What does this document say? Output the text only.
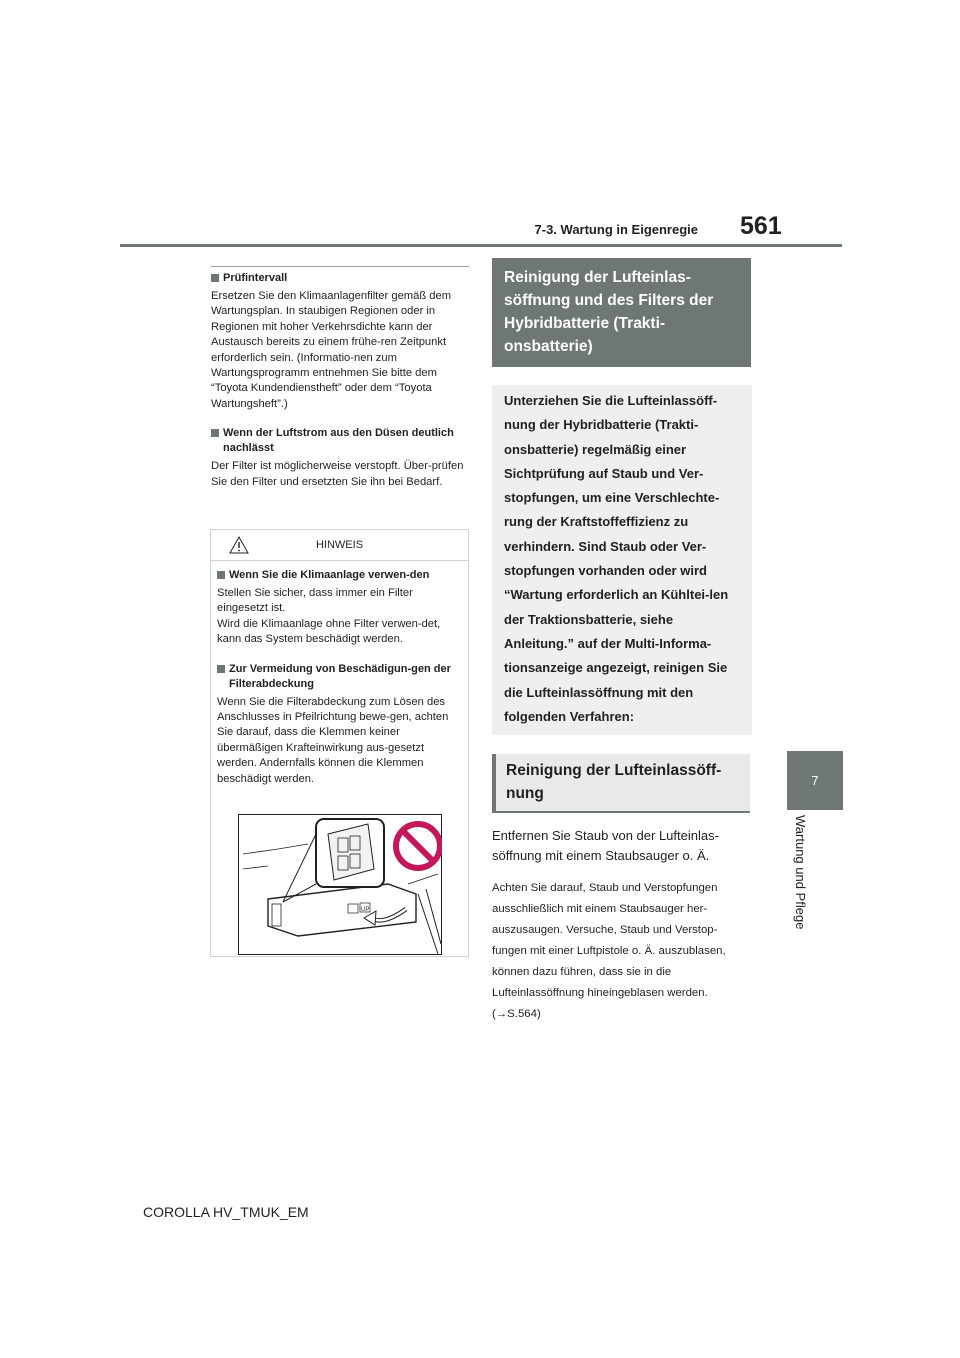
7-3. Wartung in Eigenregie 561
7
Wartung und Pflege
Prüfintervall

Ersetzen Sie den Klimaanlagenfilter gemäß dem Wartungsplan. In staubigen Regionen oder in Regionen mit hoher Verkehrsdichte kann der Austausch bereits zu einem frühe-ren Zeitpunkt erforderlich sein. (Informatio-nen zum Wartungsprogramm entnehmen Sie bitte dem “Toyota Kundendienstheft” oder dem “Toyota Wartungsheft”.)

Wenn der Luftstrom aus den Düsen deutlich nachlässt

Der Filter ist möglicherweise verstopft. Über-prüfen Sie den Filter und ersetzten Sie ihn bei Bedarf.

HINWEIS
Wenn Sie die Klimaanlage verwen-den

Stellen Sie sicher, dass immer ein Filter eingesetzt ist.
Wird die Klimaanlage ohne Filter verwen-det, kann das System beschädigt werden.

Zur Vermeidung von Beschädigun-gen der Filterabdeckung

Wenn Sie die Filterabdeckung zum Lösen des Anschlusses in Pfeilrichtung bewe-gen, achten Sie darauf, dass die Klemmen keiner übermäßigen Krafteinwirkung aus-gesetzt werden. Andernfalls können die Klemmen beschädigt werden.

UP
Reinigung der Lufteinlas-söffnung und des Filters der Hybridbatterie (Trakti-onsbatterie)
Unterziehen Sie die Lufteinlassöff-nung der Hybridbatterie (Trakti-onsbatterie) regelmäßig einer Sichtprüfung auf Staub und Ver-stopfungen, um eine Verschlechte-rung der Kraftstoffeffizienz zu verhindern. Sind Staub oder Ver-stopfungen vorhanden oder wird “Wartung erforderlich an Kühltei-len der Traktionsbatterie, siehe Anleitung.” auf der Multi-Informa-tionsanzeige angezeigt, reinigen Sie die Lufteinlassöffnung mit den folgenden Verfahren:
Reinigung der Lufteinlassöff-nung
Entfernen Sie Staub von der Lufteinlas-söffnung mit einem Staubsauger o. Ä.
Achten Sie darauf, Staub und Verstopfungen ausschließlich mit einem Staubsauger her-auszusaugen. Versuche, Staub und Verstop-fungen mit einer Luftpistole o. Ä. auszublasen, können dazu führen, dass sie in die Lufteinlassöffnung hineingeblasen werden. (→S.564)
COROLLA HV_TMUK_EM
